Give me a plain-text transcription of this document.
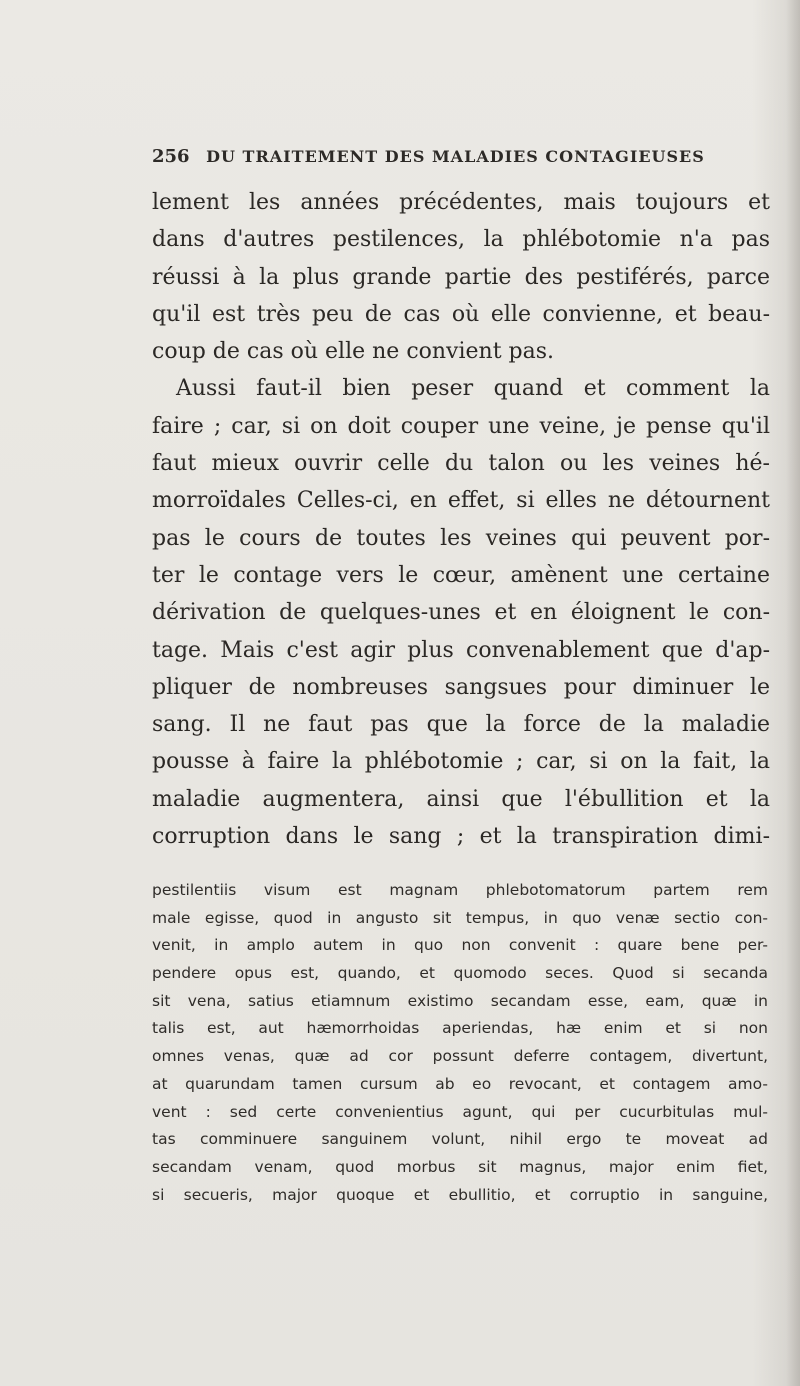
256 DU TRAITEMENT DES MALADIES CONTAGIEUSES
lement les années précédentes, mais toujours et
dans d'autres pestilences, la phlébotomie n'a pas
réussi à la plus grande partie des pestiférés, parce
qu'il est très peu de cas où elle convienne, et beau-
coup de cas où elle ne convient pas.
Aussi faut-il bien peser quand et comment la
faire ; car, si on doit couper une veine, je pense qu'il
faut mieux ouvrir celle du talon ou les veines hé-
morroïdales Celles-ci, en effet, si elles ne détournent
pas le cours de toutes les veines qui peuvent por-
ter le contage vers le cœur, amènent une certaine
dérivation de quelques-unes et en éloignent le con-
tage. Mais c'est agir plus convenablement que d'ap-
pliquer de nombreuses sangsues pour diminuer le
sang. Il ne faut pas que la force de la maladie
pousse à faire la phlébotomie ; car, si on la fait, la
maladie augmentera, ainsi que l'ébullition et la
corruption dans le sang ; et la transpiration dimi-
pestilentiis visum est magnam phlebotomatorum partem rem
male egisse, quod in angusto sit tempus, in quo venæ sectio con-
venit, in amplo autem in quo non convenit : quare bene per-
pendere opus est, quando, et quomodo seces. Quod si secanda
sit vena, satius etiamnum existimo secandam esse, eam, quæ in
talis est, aut hæmorrhoidas aperiendas, hæ enim et si non
omnes venas, quæ ad cor possunt deferre contagem, divertunt,
at quarundam tamen cursum ab eo revocant, et contagem amo-
vent : sed certe convenientius agunt, qui per cucurbitulas mul-
tas comminuere sanguinem volunt, nihil ergo te moveat ad
secandam venam, quod morbus sit magnus, major enim fiet,
si secueris, major quoque et ebullitio, et corruptio in sanguine,
